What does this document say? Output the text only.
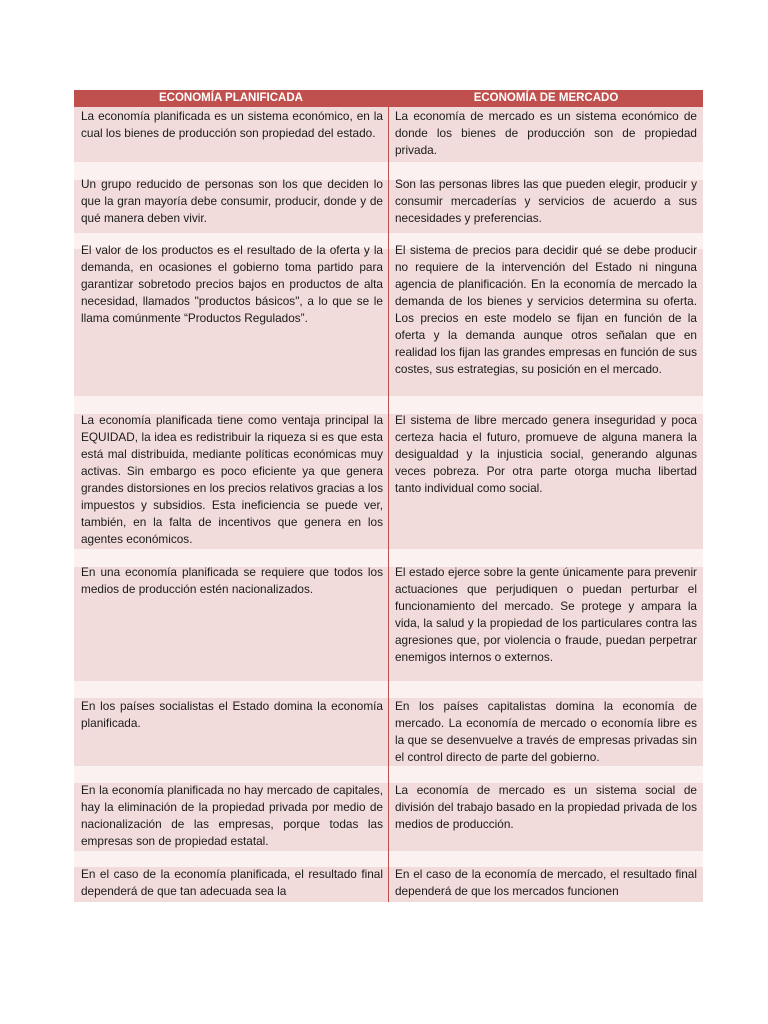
ECONOMÍA PLANIFICADA	ECONOMÍA DE MERCADO
La economía planificada es un sistema económico, en la cual los bienes de producción son propiedad del estado.
La economía de mercado es un sistema económico de donde los bienes de producción son de propiedad privada.
Un grupo reducido de personas son los que deciden lo que la gran mayoría debe consumir, producir, donde y de qué manera deben vivir.
Son las personas libres las que pueden elegir, producir y consumir mercaderías y servicios de acuerdo a sus necesidades y preferencias.
El valor de los productos es el resultado de la oferta y la demanda, en ocasiones el gobierno toma partido para garantizar sobretodo precios bajos en productos de alta necesidad, llamados "productos básicos", a lo que se le llama comúnmente “Productos Regulados”.
El sistema de precios para decidir qué se debe producir no requiere de la intervención del Estado ni ninguna agencia de planificación. En la economía de mercado la demanda de los bienes y servicios determina su oferta. Los precios en este modelo se fijan en función de la oferta y la demanda aunque otros señalan que en realidad los fijan las grandes empresas en función de sus costes, sus estrategias, su posición en el mercado.
La economía planificada tiene como ventaja principal la EQUIDAD, la idea es redistribuir la riqueza si es que esta está mal distribuida, mediante políticas económicas muy activas. Sin embargo es poco eficiente ya que genera grandes distorsiones en los precios relativos gracias a los impuestos y subsidios. Esta ineficiencia se puede ver, también, en la falta de incentivos que genera en los agentes económicos.
El sistema de libre mercado genera inseguridad y poca certeza hacia el futuro, promueve de alguna manera la desigualdad y la injusticia social, generando algunas veces pobreza. Por otra parte otorga mucha libertad tanto individual como social.
En una economía planificada se requiere que todos los medios de producción estén nacionalizados.
El estado ejerce sobre la gente únicamente para prevenir actuaciones que perjudiquen o puedan perturbar el funcionamiento del mercado. Se protege y ampara la vida, la salud y la propiedad de los particulares contra las agresiones que, por violencia o fraude, puedan perpetrar enemigos internos o externos.
En los países socialistas el Estado domina la economía planificada.
En los países capitalistas domina la economía de mercado. La economía de mercado o economía libre es la que se desenvuelve a través de empresas privadas sin el control directo de parte del gobierno.
En la economía planificada no hay mercado de capitales, hay la eliminación de la propiedad privada por medio de nacionalización de las empresas, porque todas las empresas son de propiedad estatal.
La economía de mercado es un sistema social de división del trabajo basado en la propiedad privada de los medios de producción.
En el caso de la economía planificada, el resultado final dependerá de que tan adecuada sea la
En el caso de la economía de mercado, el resultado final dependerá de que los mercados funcionen
